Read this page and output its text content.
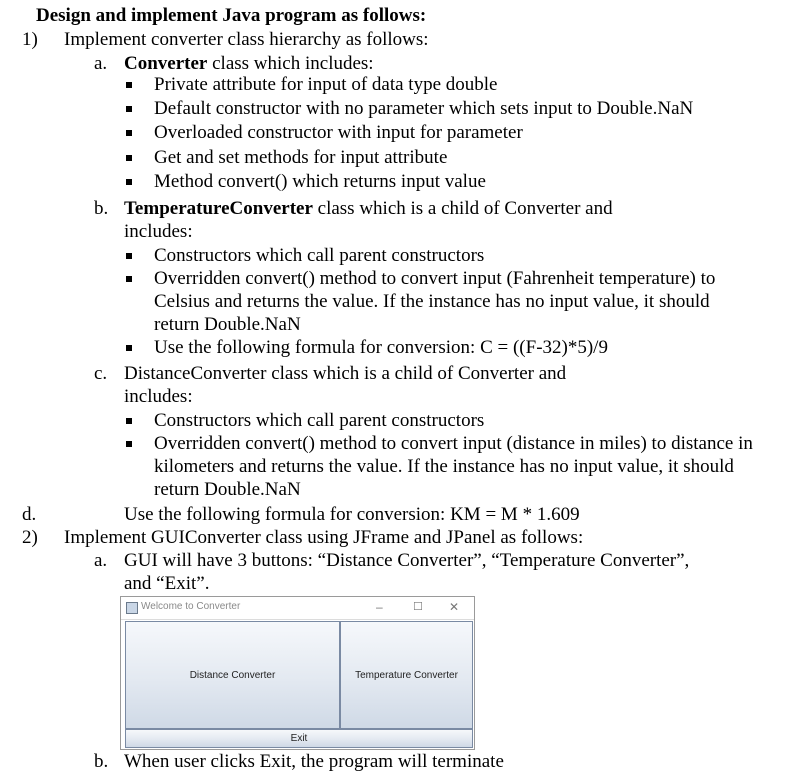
Design and implement Java program as follows:
1) Implement converter class hierarchy as follows:
a. Converter class which includes:
Private attribute for input of data type double
Default constructor with no parameter which sets input to Double.NaN
Overloaded constructor with input for parameter
Get and set methods for input attribute
Method convert() which returns input value
b. TemperatureConverter class which is a child of Converter and
includes:
Constructors which call parent constructors
Overridden convert() method to convert input (Fahrenheit temperature) to
Celsius and returns the value. If the instance has no input value, it should
return Double.NaN
Use the following formula for conversion: C = ((F-32)*5)/9
c. DistanceConverter class which is a child of Converter and
includes:
Constructors which call parent constructors
Overridden convert() method to convert input (distance in miles) to distance in
kilometers and returns the value. If the instance has no input value, it should
return Double.NaN
d.	Use the following formula for conversion: KM = M * 1.609
2) Implement GUIConverter class using JFrame and JPanel as follows:
a. GUI will have 3 buttons: “Distance Converter”, “Temperature Converter”,
and “Exit”.
Welcome to Converter	–	☐ ✕
Distance Converter	Temperature Converter
Exit
b. When user clicks Exit, the program will terminate
